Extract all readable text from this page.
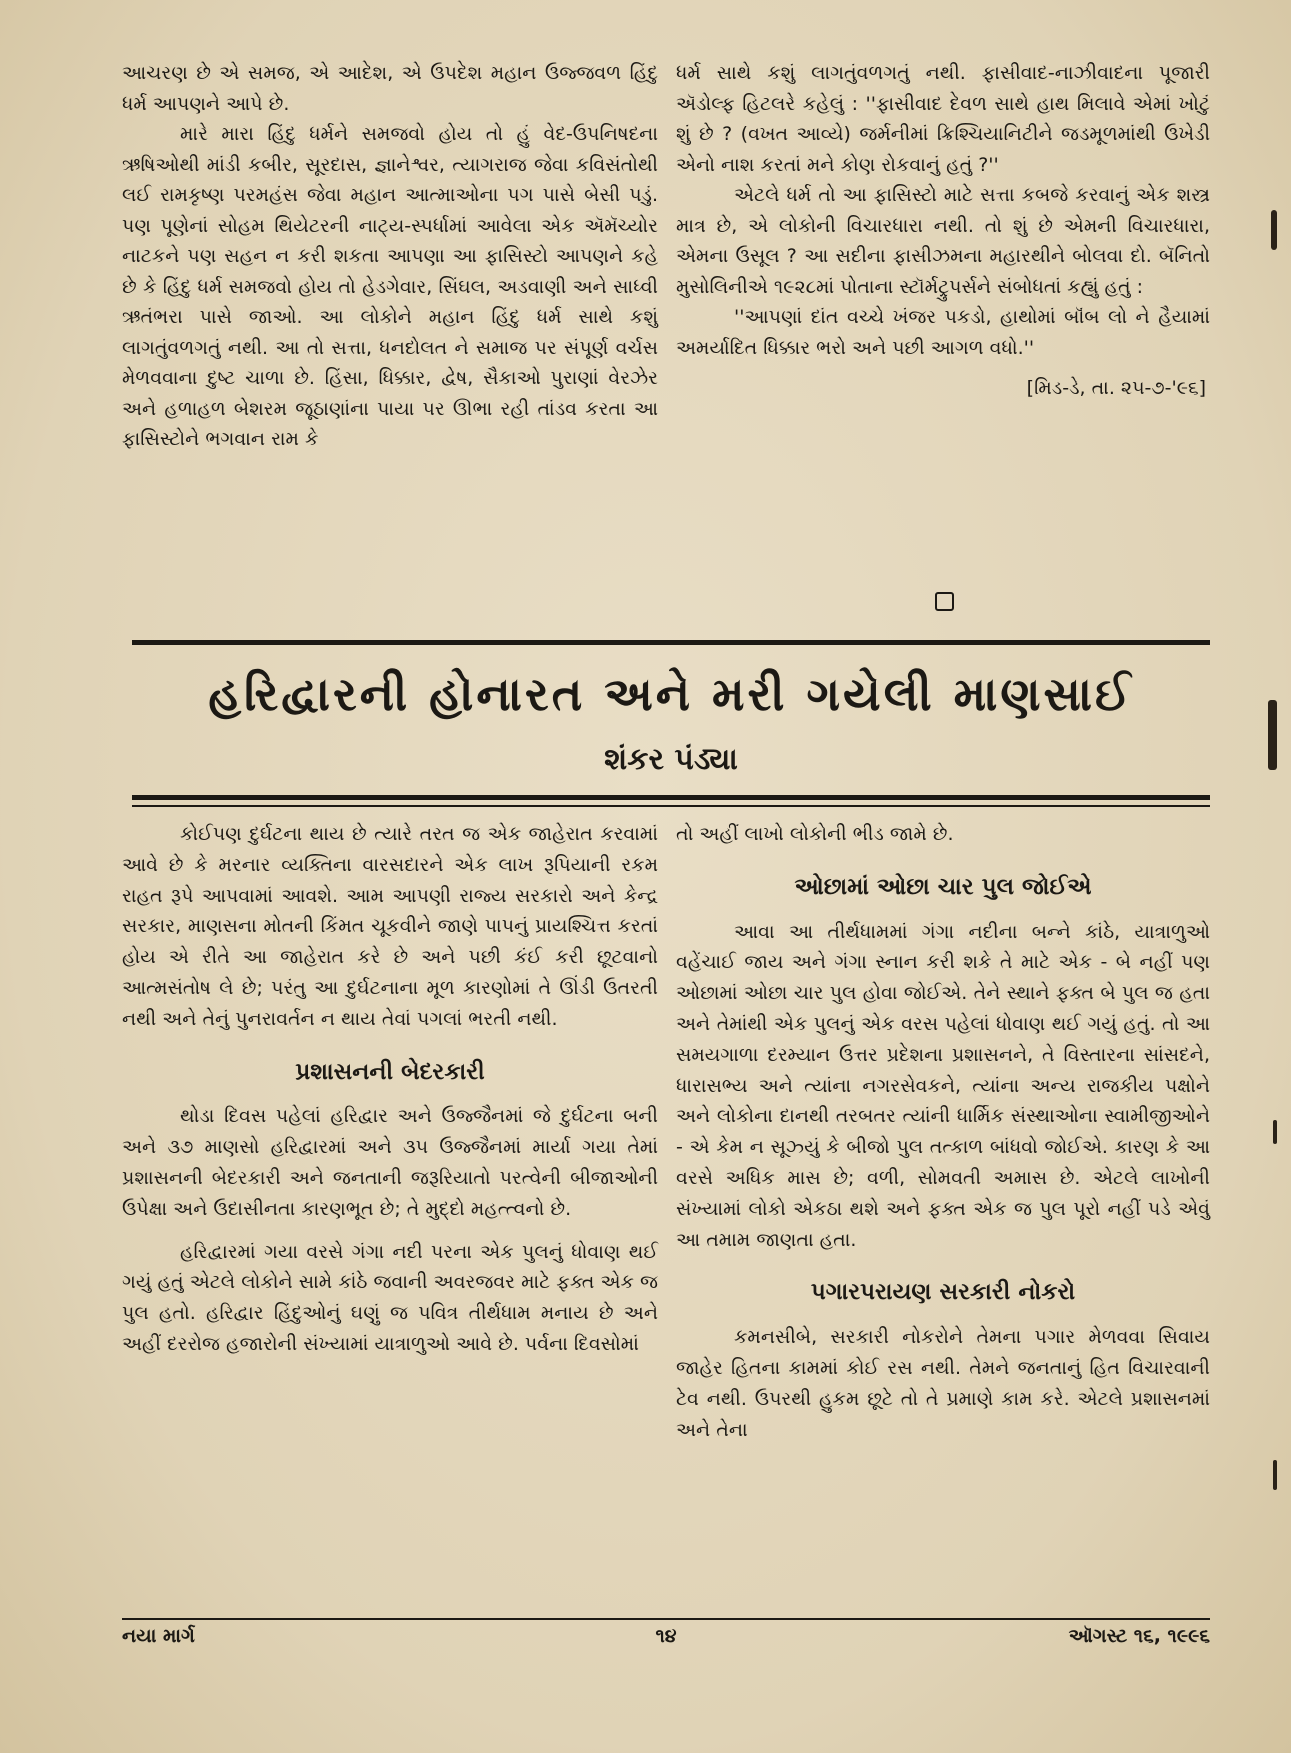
આચરણ છે એ સમજ, એ આદેશ, એ ઉપદેશ મહાન ઉજ્જવળ હિંદુ ધર્મ આપણને આપે છે.

મારે મારા હિંદુ ધર્મને સમજવો હોય તો હું વેદ-ઉપનિષદના ઋષિઓથી માંડી કબીર, સૂરદાસ, જ્ઞાનેશ્વર, ત્યાગરાજ જેવા કવિસંતોથી લઈ રામકૃષ્ણ પરમહંસ જેવા મહાન આત્માઓના પગ પાસે બેસી પડું. પણ પૂણેનાં સોહમ થિયેટરની નાટ્ય-સ્પર્ધામાં આવેલા એક ઍમૅચ્યોર નાટકને પણ સહન ન કરી શકતા આપણા આ ફાસિસ્ટો આપણને કહે છે કે હિંદુ ધર્મ સમજવો હોય તો હેડગેવાર, સિંઘલ, અડવાણી અને સાધ્વી ઋતંભરા પાસે જાઓ. આ લોકોને મહાન હિંદુ ધર્મ સાથે કશું લાગતુંવળગતું નથી. આ તો સત્તા, ધનદોલત ને સમાજ પર સંપૂર્ણ વર્ચસ મેળવવાના દુષ્ટ ચાળા છે. હિંસા, ધિક્કાર, દ્વેષ, સૈકાઓ પુરાણાં વેરઝેર અને હળાહળ બેશરમ જૂઠાણાંના પાયા પર ઊભા રહી તાંડવ કરતા આ ફાસિસ્ટોને ભગવાન રામ કે

ધર્મ સાથે કશું લાગતુંવળગતું નથી. ફાસીવાદ-નાઝીવાદના પૂજારી ઍડોલ્ફ હિટલરે કહેલું : ''ફાસીવાદ દેવળ સાથે હાથ મિલાવે એમાં ખોટું શું છે ? (વખત આવ્યે) જર્મનીમાં ક્રિશ્ચિયાનિટીને જડમૂળમાંથી ઉખેડી એનો નાશ કરતાં મને કોણ રોકવાનું હતું ?''

એટલે ધર્મ તો આ ફાસિસ્ટો માટે સત્તા કબજે કરવાનું એક શસ્ત્ર માત્ર છે, એ લોકોની વિચારધારા નથી. તો શું છે એમની વિચારધારા, એમના ઉસૂલ ? આ સદીના ફાસીઝમના મહારથીને બોલવા દો. બૅનિતો મુસોલિનીએ ૧૯૨૮માં પોતાના સ્ટૉર્મટ્રુપર્સને સંબોધતાં કહ્યું હતું :

''આપણાં દાંત વચ્ચે ખંજર પકડો, હાથોમાં બૉંબ લો ને હૈયામાં અમર્યાદિત ધિક્કાર ભરો અને પછી આગળ વધો.''

[મિડ-ડે, તા. ૨૫-૭-'૯૬]

હરિદ્વારની હોનારત અને મરી ગયેલી માણસાઈ
શંકર પંડ્યા

કોઈપણ દુર્ઘટના થાય છે ત્યારે તરત જ એક જાહેરાત કરવામાં આવે છે કે મરનાર વ્યક્તિના વારસદારને એક લાખ રૂપિયાની રકમ રાહત રૂપે આપવામાં આવશે. આમ આપણી રાજ્ય સરકારો અને કેન્દ્ર સરકાર, માણસના મોતની કિંમત ચૂકવીને જાણે પાપનું પ્રાયશ્ચિત્ત કરતાં હોય એ રીતે આ જાહેરાત કરે છે અને પછી કંઈ કરી છૂટવાનો આત્મસંતોષ લે છે; પરંતુ આ દુર્ઘટનાના મૂળ કારણોમાં તે ઊંડી ઉતરતી નથી અને તેનું પુનરાવર્તન ન થાય તેવાં પગલાં ભરતી નથી.

પ્રશાસનની બેદરકારી

થોડા દિવસ પહેલાં હરિદ્વાર અને ઉજ્જૈનમાં જે દુર્ઘટના બની અને ૩૭ માણસો હરિદ્વારમાં અને ૩૫ ઉજ્જૈનમાં માર્યા ગયા તેમાં પ્રશાસનની બેદરકારી અને જનતાની જરૂરિયાતો પરત્વેની બીજાઓની ઉપેક્ષા અને ઉદાસીનતા કારણભૂત છે; તે મુદ્દો મહત્ત્વનો છે.

હરિદ્વારમાં ગયા વરસે ગંગા નદી પરના એક પુલનું ધોવાણ થઈ ગયું હતું એટલે લોકોને સામે કાંઠે જવાની અવરજવર માટે ફક્ત એક જ પુલ હતો. હરિદ્વાર હિંદુઓનું ઘણું જ પવિત્ર તીર્થધામ મનાય છે અને અહીં દરરોજ હજારોની સંખ્યામાં યાત્રાળુઓ આવે છે. પર્વના દિવસોમાં

તો અહીં લાખો લોકોની ભીડ જામે છે.

ઓછામાં ઓછા ચાર પુલ જોઈએ

આવા આ તીર્થધામમાં ગંગા નદીના બન્ને કાંઠે, યાત્રાળુઓ વહેંચાઈ જાય અને ગંગા સ્નાન કરી શકે તે માટે એક - બે નહીં પણ ઓછામાં ઓછા ચાર પુલ હોવા જોઈએ. તેને સ્થાને ફક્ત બે પુલ જ હતા અને તેમાંથી એક પુલનું એક વરસ પહેલાં ધોવાણ થઈ ગયું હતું. તો આ સમયગાળા દરમ્યાન ઉત્તર પ્રદેશના પ્રશાસનને, તે વિસ્તારના સાંસદને, ધારાસભ્ય અને ત્યાંના નગરસેવકને, ત્યાંના અન્ય રાજકીય પક્ષોને અને લોકોના દાનથી તરબતર ત્યાંની ધાર્મિક સંસ્થાઓના સ્વામીજીઓને - એ કેમ ન સૂઝ્યું કે બીજો પુલ તત્કાળ બાંધવો જોઈએ. કારણ કે આ વરસે અધિક માસ છે; વળી, સોમવતી અમાસ છે. એટલે લાખોની સંખ્યામાં લોકો એકઠા થશે અને ફક્ત એક જ પુલ પૂરો નહીં પડે એવું આ તમામ જાણતા હતા.

પગારપરાયણ સરકારી નોકરો

કમનસીબે, સરકારી નોકરોને તેમના પગાર મેળવવા સિવાય જાહેર હિતના કામમાં કોઈ રસ નથી. તેમને જનતાનું હિત વિચારવાની ટેવ નથી. ઉપરથી હુકમ છૂટે તો તે પ્રમાણે કામ કરે. એટલે પ્રશાસનમાં અને તેના

નયા માર્ગ	૧૪	ઑગસ્ટ ૧૬, ૧૯૯૬
